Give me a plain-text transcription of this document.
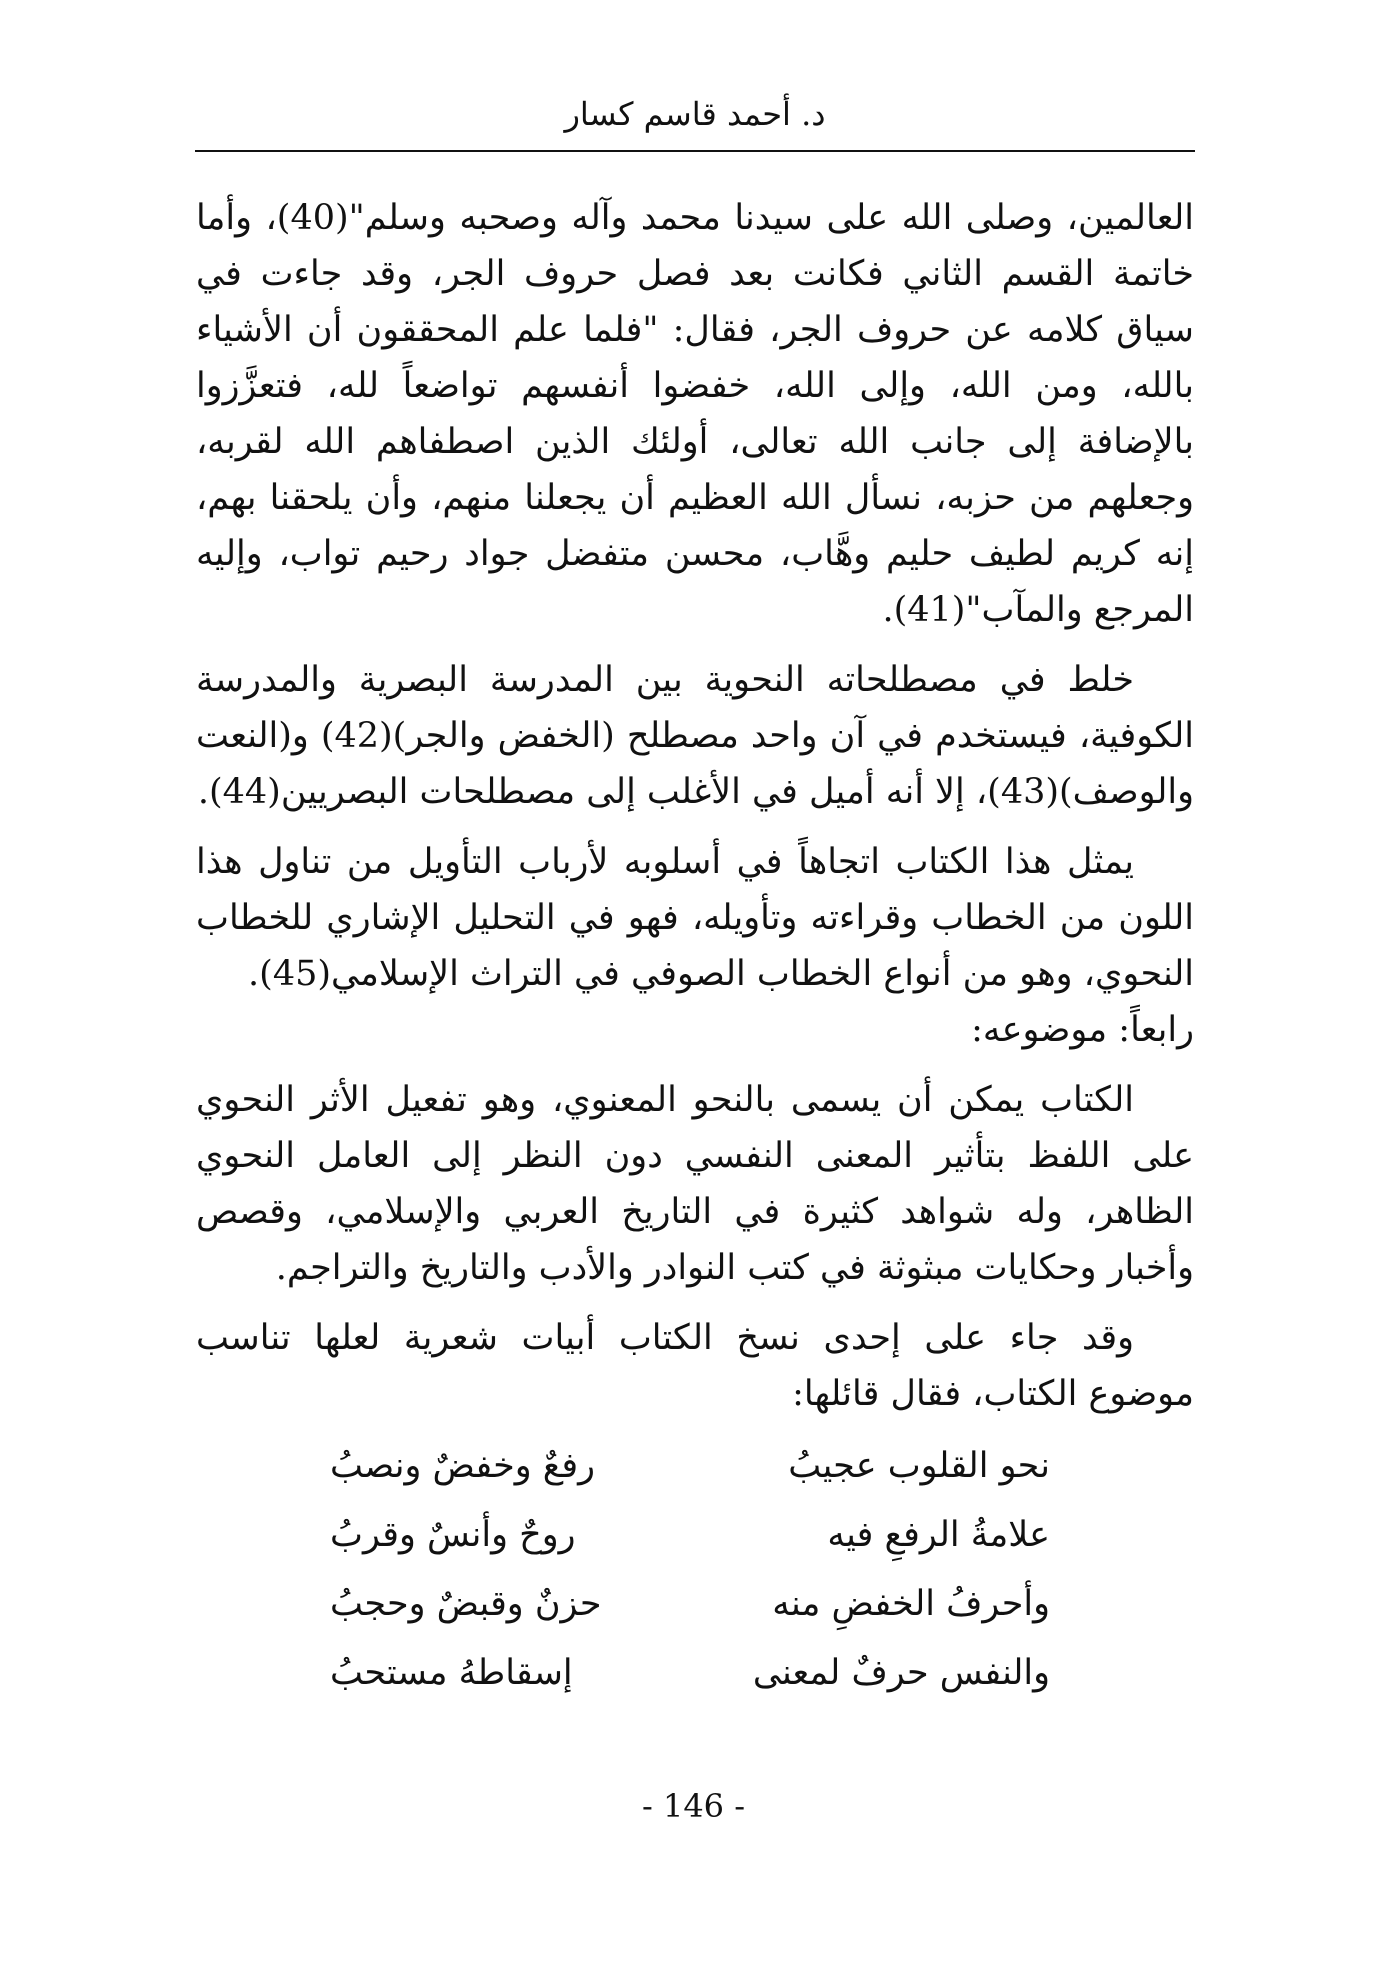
د. أحمد قاسم كسار

العالمين، وصلى الله على سيدنا محمد وآله وصحبه وسلم"(40)، وأما خاتمة القسم الثاني فكانت بعد فصل حروف الجر، وقد جاءت في سياق كلامه عن حروف الجر، فقال: "فلما علم المحققون أن الأشياء بالله، ومن الله، وإلى الله، خفضوا أنفسهم تواضعاً لله، فتعزَّزوا بالإضافة إلى جانب الله تعالى، أولئك الذين اصطفاهم الله لقربه، وجعلهم من حزبه، نسأل الله العظيم أن يجعلنا منهم، وأن يلحقنا بهم، إنه كريم لطيف حليم وهَّاب، محسن متفضل جواد رحيم تواب، وإليه المرجع والمآب"(41).

خلط في مصطلحاته النحوية بين المدرسة البصرية والمدرسة الكوفية، فيستخدم في آن واحد مصطلح (الخفض والجر)(42) و(النعت والوصف)(43)، إلا أنه أميل في الأغلب إلى مصطلحات البصريين(44).

يمثل هذا الكتاب اتجاهاً في أسلوبه لأرباب التأويل من تناول هذا اللون من الخطاب وقراءته وتأويله، فهو في التحليل الإشاري للخطاب النحوي، وهو من أنواع الخطاب الصوفي في التراث الإسلامي(45).

رابعاً: موضوعه:

الكتاب يمكن أن يسمى بالنحو المعنوي، وهو تفعيل الأثر النحوي على اللفظ بتأثير المعنى النفسي دون النظر إلى العامل النحوي الظاهر، وله شواهد كثيرة في التاريخ العربي والإسلامي، وقصص وأخبار وحكايات مبثوثة في كتب النوادر والأدب والتاريخ والتراجم.

وقد جاء على إحدى نسخ الكتاب أبيات شعرية لعلها تناسب موضوع الكتاب، فقال قائلها:

نحو القلوب عجيبُ
رفعٌ وخفضٌ ونصبُ
علامةُ الرفعِ فيه
روحٌ وأنسٌ وقربُ
وأحرفُ الخفضِ منه
حزنٌ وقبضٌ وحجبُ
والنفس حرفٌ لمعنى
إسقاطهُ مستحبُ
- 146 -
